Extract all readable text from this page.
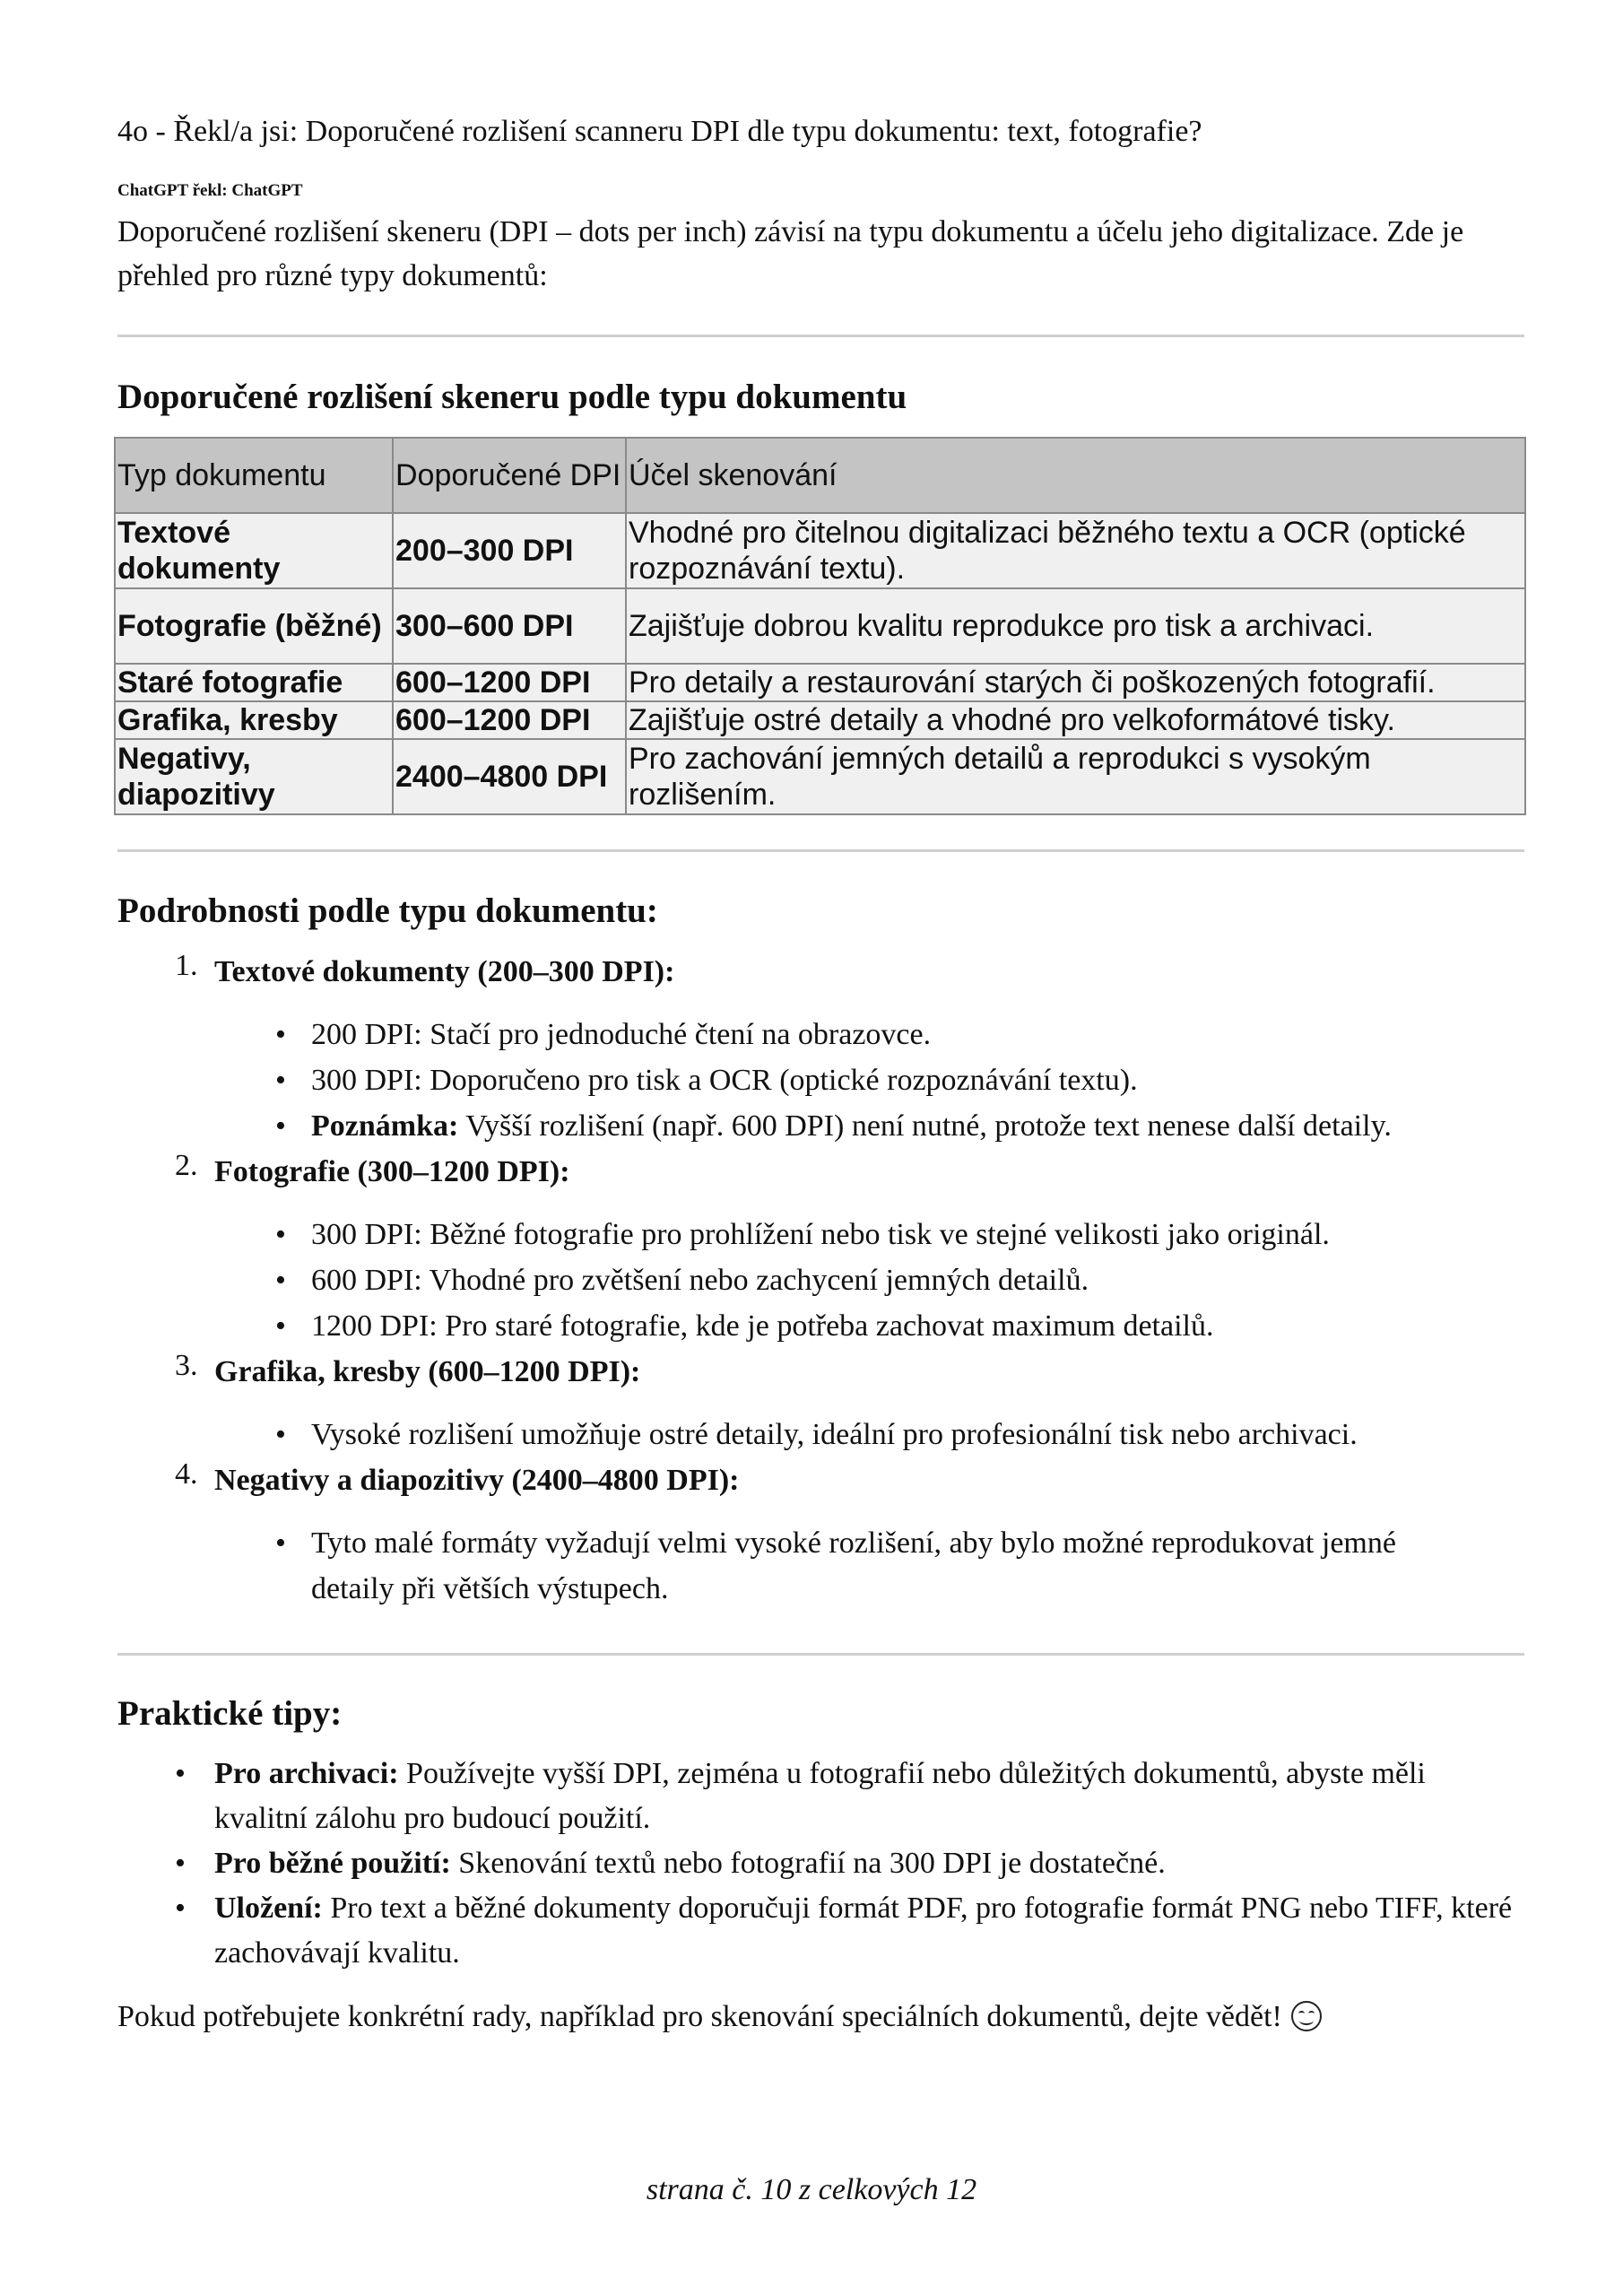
4o - Řekl/a jsi: Doporučené rozlišení scanneru DPI dle typu dokumentu: text, fotografie?
ChatGPT řekl: ChatGPT
Doporučené rozlišení skeneru (DPI – dots per inch) závisí na typu dokumentu a účelu jeho digitalizace. Zde je přehled pro různé typy dokumentů:
Doporučené rozlišení skeneru podle typu dokumentu
Typ dokumentu	Doporučené DPI	Účel skenování
Textové dokumenty	200–300 DPI	Vhodné pro čitelnou digitalizaci běžného textu a OCR (optické rozpoznávání textu).
Fotografie (běžné)	300–600 DPI	Zajišťuje dobrou kvalitu reprodukce pro tisk a archivaci.
Staré fotografie	600–1200 DPI	Pro detaily a restaurování starých či poškozených fotografií.
Grafika, kresby	600–1200 DPI	Zajišťuje ostré detaily a vhodné pro velkoformátové tisky.
Negativy, diapozitivy	2400–4800 DPI	Pro zachování jemných detailů a reprodukci s vysokým rozlišením.
Podrobnosti podle typu dokumentu:
1. Textové dokumenty (200–300 DPI):
• 200 DPI: Stačí pro jednoduché čtení na obrazovce.
• 300 DPI: Doporučeno pro tisk a OCR (optické rozpoznávání textu).
• Poznámka: Vyšší rozlišení (např. 600 DPI) není nutné, protože text nenese další detaily.
2. Fotografie (300–1200 DPI):
• 300 DPI: Běžné fotografie pro prohlížení nebo tisk ve stejné velikosti jako originál.
• 600 DPI: Vhodné pro zvětšení nebo zachycení jemných detailů.
• 1200 DPI: Pro staré fotografie, kde je potřeba zachovat maximum detailů.
3. Grafika, kresby (600–1200 DPI):
• Vysoké rozlišení umožňuje ostré detaily, ideální pro profesionální tisk nebo archivaci.
4. Negativy a diapozitivy (2400–4800 DPI):
• Tyto malé formáty vyžadují velmi vysoké rozlišení, aby bylo možné reprodukovat jemné detaily při větších výstupech.
Praktické tipy:
• Pro archivaci: Používejte vyšší DPI, zejména u fotografií nebo důležitých dokumentů, abyste měli kvalitní zálohu pro budoucí použití.
• Pro běžné použití: Skenování textů nebo fotografií na 300 DPI je dostatečné.
• Uložení: Pro text a běžné dokumenty doporučuji formát PDF, pro fotografie formát PNG nebo TIFF, které zachovávají kvalitu.
Pokud potřebujete konkrétní rady, například pro skenování speciálních dokumentů, dejte vědět!
strana č. 10 z celkových 12
